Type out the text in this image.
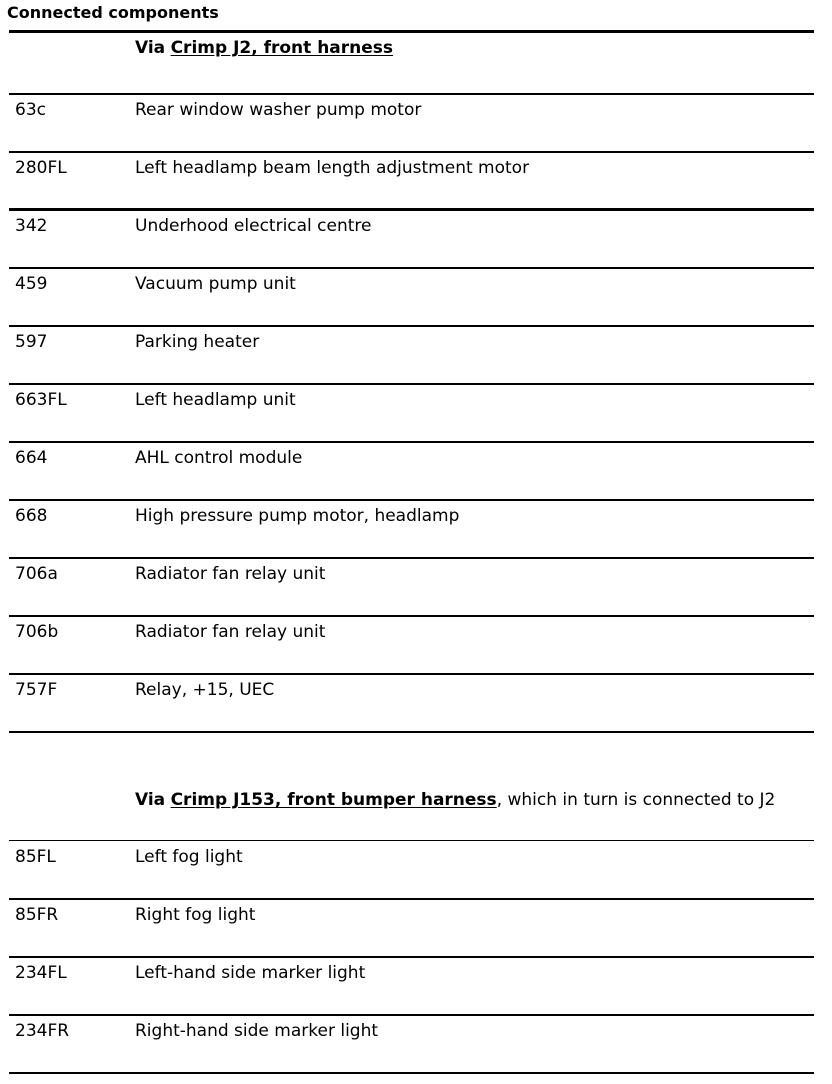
Connected components
Via Crimp J2, front harness
63c	Rear window washer pump motor
280FL	Left headlamp beam length adjustment motor
342	Underhood electrical centre
459	Vacuum pump unit
597	Parking heater
663FL	Left headlamp unit
664	AHL control module
668	High pressure pump motor, headlamp
706a	Radiator fan relay unit
706b	Radiator fan relay unit
757F	Relay, +15, UEC
Via Crimp J153, front bumper harness, which in turn is connected to J2
85FL	Left fog light
85FR	Right fog light
234FL	Left-hand side marker light
234FR	Right-hand side marker light
